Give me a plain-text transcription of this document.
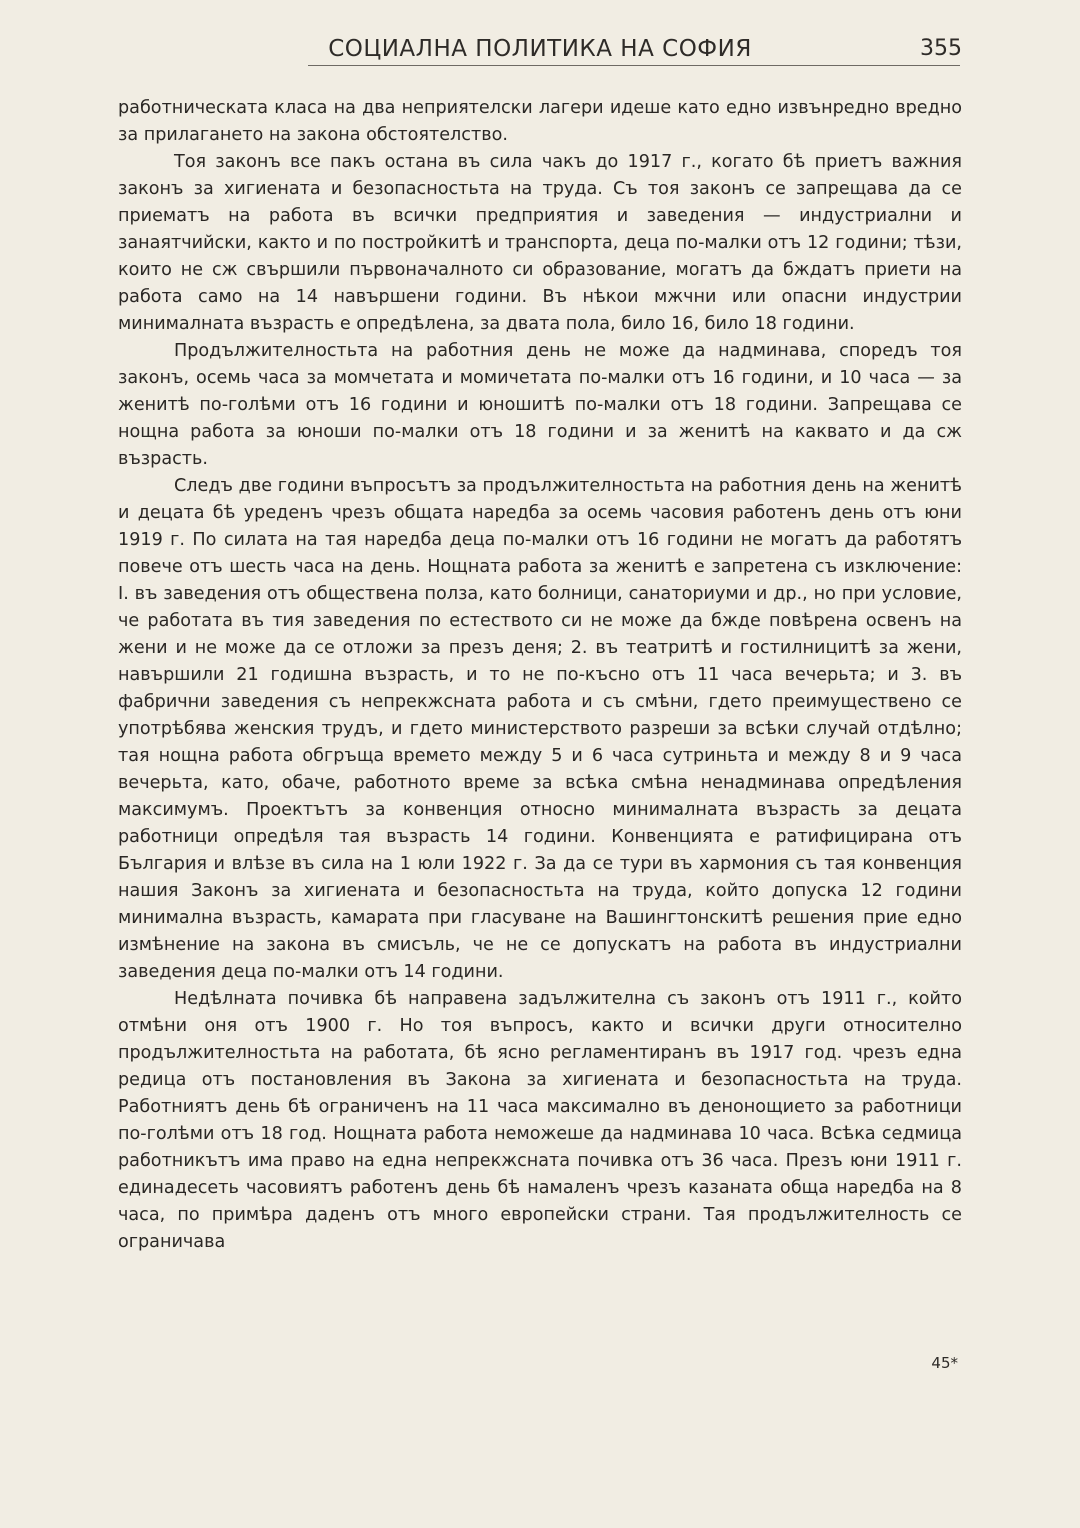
СОЦИАЛНА ПОЛИТИКА НА СОФИЯ	355

работническата класа на два неприятелски лагери идеше като едно извънредно вредно за прилагането на закона обстоятелство.

Тоя законъ все пакъ остана въ сила чакъ до 1917 г., когато бѣ приетъ важния законъ за хигиената и безопасностьта на труда. Съ тоя законъ се запрещава да се приематъ на работа въ всички предприятия и заведения — индустриални и занаятчийски, както и по постройкитѣ и транспорта, деца по-малки отъ 12 години; тѣзи, които не сж свършили първоначалното си образование, могатъ да бждатъ приети на работа само на 14 навършени години. Въ нѣкои мжчни или опасни индустрии минималната възрасть е опредѣлена, за двата пола, било 16, било 18 години.

Продължителностьта на работния день не може да надминава, споредъ тоя законъ, осемь часа за момчетата и момичетата по-малки отъ 16 години, и 10 часа — за женитѣ по-голѣми отъ 16 години и юношитѣ по-малки отъ 18 години. Запрещава се нощна работа за юноши по-малки отъ 18 години и за женитѣ на каквато и да сж възрасть.

Следъ две години въпросътъ за продължителностьта на работния день на женитѣ и децата бѣ уреденъ чрезъ общата наредба за осемь часовия работенъ день отъ юни 1919 г. По силата на тая наредба деца по-малки отъ 16 години не могатъ да работятъ повече отъ шесть часа на день. Нощната работа за женитѣ е запретена съ изключение: I. въ заведения отъ обществена полза, като болници, санаториуми и др., но при условие, че работата въ тия заведения по естеството си не може да бжде повѣрена освенъ на жени и не може да се отложи за презъ деня; 2. въ театритѣ и гостилницитѣ за жени, навършили 21 годишна възрасть, и то не по-късно отъ 11 часа вечерьта; и 3. въ фабрични заведения съ непрекжсната работа и съ смѣни, гдето преимуществено се употрѣбява женския трудъ, и гдето министерството разреши за всѣки случай отдѣлно; тая нощна работа обгръща времето между 5 и 6 часа сутриньта и между 8 и 9 часа вечерьта, като, обаче, работното време за всѣка смѣна ненадминава опредѣления максимумъ. Проектътъ за конвенция относно минималната възрасть за децата работници опредѣля тая възрасть 14 години. Конвенцията е ратифицирана отъ България и влѣзе въ сила на 1 юли 1922 г. За да се тури въ хармония съ тая конвенция нашия Законъ за хигиената и безопасностьта на труда, който допуска 12 години минимална възрасть, камарата при гласуване на Вашингтонскитѣ решения прие едно измѣнение на закона въ смисъль, че не се допускатъ на работа въ индустриални заведения деца по-малки отъ 14 години.

Недѣлната почивка бѣ направена задължителна съ законъ отъ 1911 г., който отмѣни оня отъ 1900 г. Но тоя въпросъ, както и всички други относително продължителностьта на работата, бѣ ясно регламентиранъ въ 1917 год. чрезъ една редица отъ постановления въ Закона за хигиената и безопасностьта на труда. Работниятъ день бѣ ограниченъ на 11 часа максимално въ денонощието за работници по-голѣми отъ 18 год. Нощната работа неможеше да надминава 10 часа. Всѣка седмица работникътъ има право на една непрекжсната почивка отъ 36 часа. Презъ юни 1911 г. единадесеть часовиятъ работенъ день бѣ намаленъ чрезъ казаната обща наредба на 8 часа, по примѣра даденъ отъ много европейски страни. Тая продължителность се ограничава

45*
